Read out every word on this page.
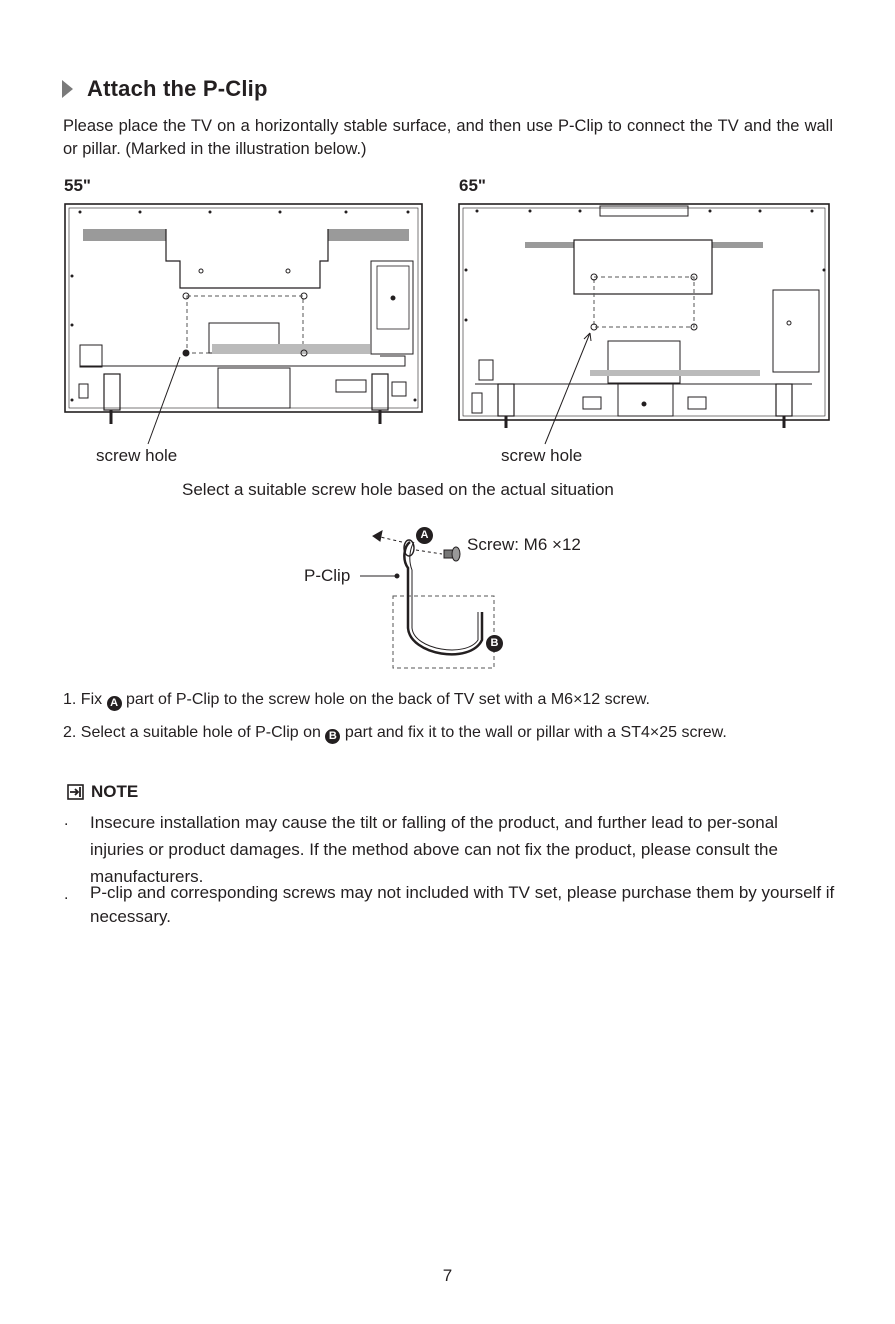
Attach the P-Clip
Please place the TV on a horizontally stable surface, and then use P-Clip to connect the TV and the wall or pillar. (Marked in the illustration below.)
55"	65"
screw hole	screw hole
Select a suitable screw hole based on the actual situation
A
B
Screw: M6 ×12
P-Clip
1. Fix A part of P-Clip to the screw hole on the back of TV set with a M6×12 screw.
2. Select a suitable hole of P-Clip on B part and fix it to the wall or pillar with a ST4×25 screw.
NOTE
. Insecure installation may cause the tilt or falling of the product, and further lead to per-sonal injuries or product damages. If the method above can not fix the product, please consult the manufacturers.
. P-clip and corresponding screws may not included with TV set, please purchase them by yourself if necessary.
7
